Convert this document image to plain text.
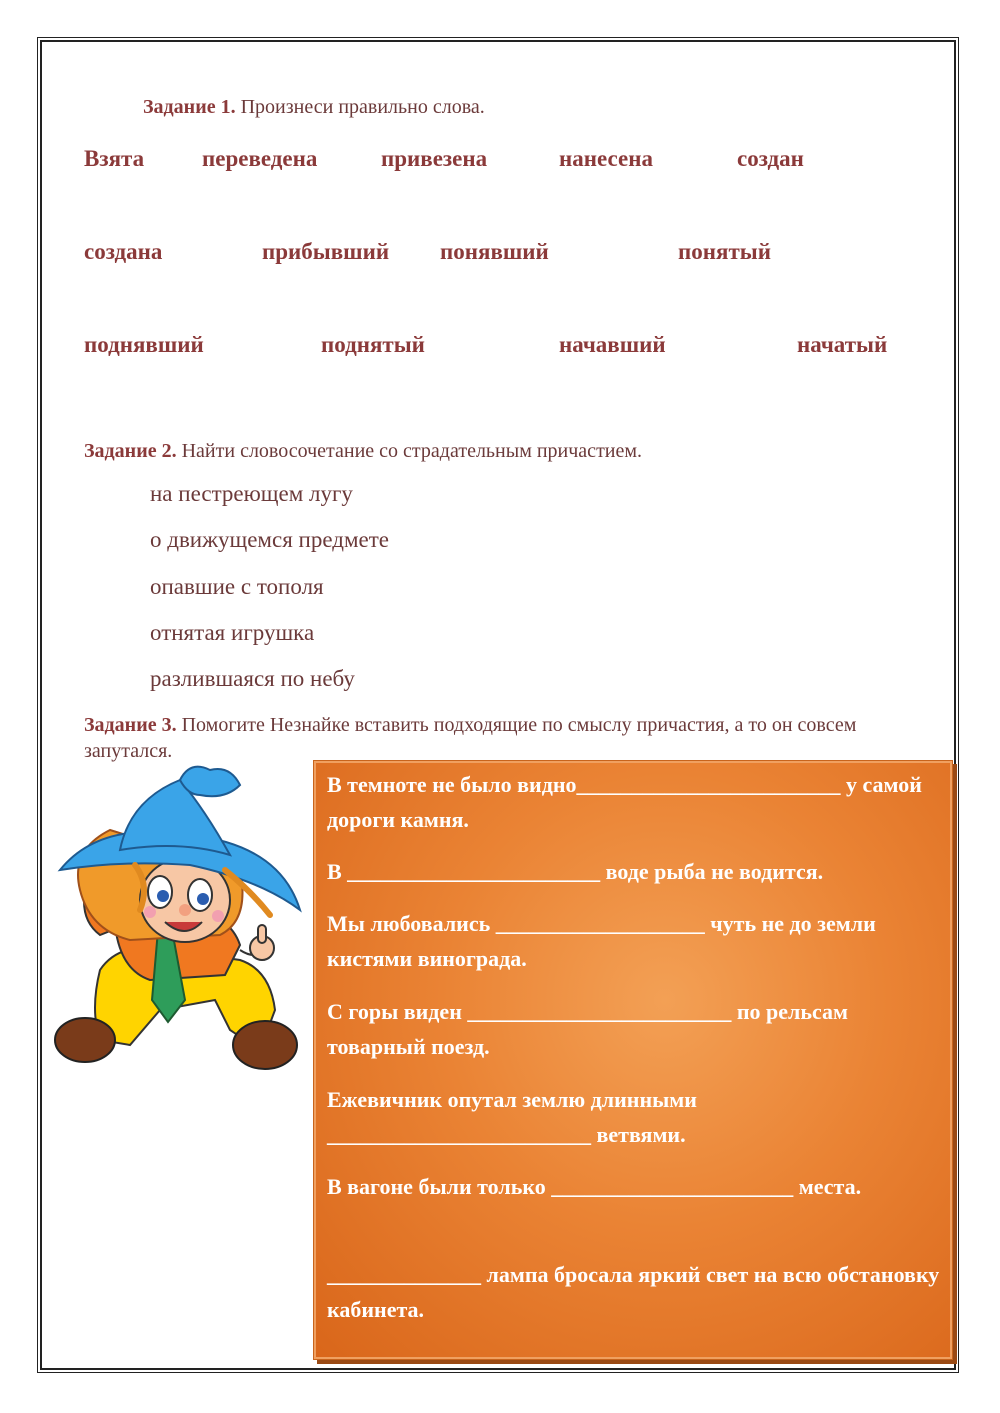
Задание 1. Произнеси правильно слова.
Взята	переведена	привезена	нанесена	создан
создана	прибывший понявший	понятый
поднявший	поднятый	начавший	начатый
Задание 2. Найти словосочетание со страдательным причастием.
на пестреющем лугу
о движущемся предмете
опавшие с тополя
отнятая игрушка
разлившаяся по небу
Задание 3. Помогите Незнайке вставить подходящие по смыслу причастия, а то он совсем запутался.
В темноте не было видно________________________ у самой дороги камня.
В _______________________ воде рыба не водится.
Мы любовались ___________________ чуть не до земли кистями винограда.
С горы виден ________________________ по рельсам товарный поезд.
Ежевичник опутал землю длинными ________________________ ветвями.
В вагоне были только ______________________ места.
______________ лампа бросала яркий свет на всю обстановку кабинета.
